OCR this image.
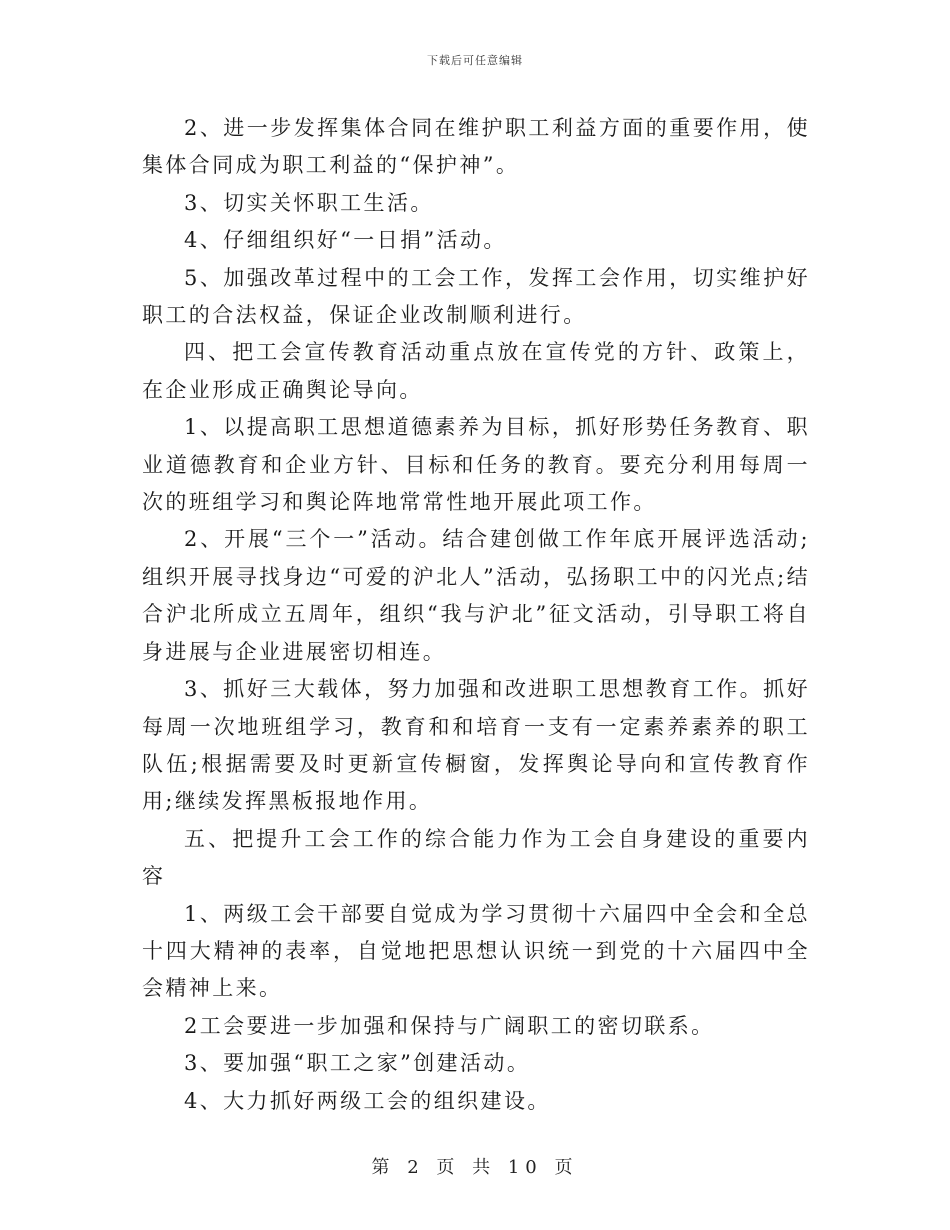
下载后可任意编辑

2、进一步发挥集体合同在维护职工利益方面的重要作用，使集体合同成为职工利益的“保护神”。

3、切实关怀职工生活。

4、仔细组织好“一日捐”活动。

5、加强改革过程中的工会工作，发挥工会作用，切实维护好职工的合法权益，保证企业改制顺利进行。

四、把工会宣传教育活动重点放在宣传党的方针、政策上，在企业形成正确舆论导向。

1、以提高职工思想道德素养为目标，抓好形势任务教育、职业道德教育和企业方针、目标和任务的教育。要充分利用每周一次的班组学习和舆论阵地常常性地开展此项工作。

2、开展“三个一”活动。结合建创做工作年底开展评选活动;组织开展寻找身边“可爱的沪北人”活动，弘扬职工中的闪光点;结合沪北所成立五周年，组织“我与沪北”征文活动，引导职工将自身进展与企业进展密切相连。

3、抓好三大载体，努力加强和改进职工思想教育工作。抓好每周一次地班组学习，教育和和培育一支有一定素养素养的职工队伍;根据需要及时更新宣传橱窗，发挥舆论导向和宣传教育作用;继续发挥黑板报地作用。

五、把提升工会工作的综合能力作为工会自身建设的重要内容

1、两级工会干部要自觉成为学习贯彻十六届四中全会和全总十四大精神的表率，自觉地把思想认识统一到党的十六届四中全会精神上来。

2工会要进一步加强和保持与广阔职工的密切联系。

3、要加强“职工之家”创建活动。

4、大力抓好两级工会的组织建设。

第 2 页 共 10 页
